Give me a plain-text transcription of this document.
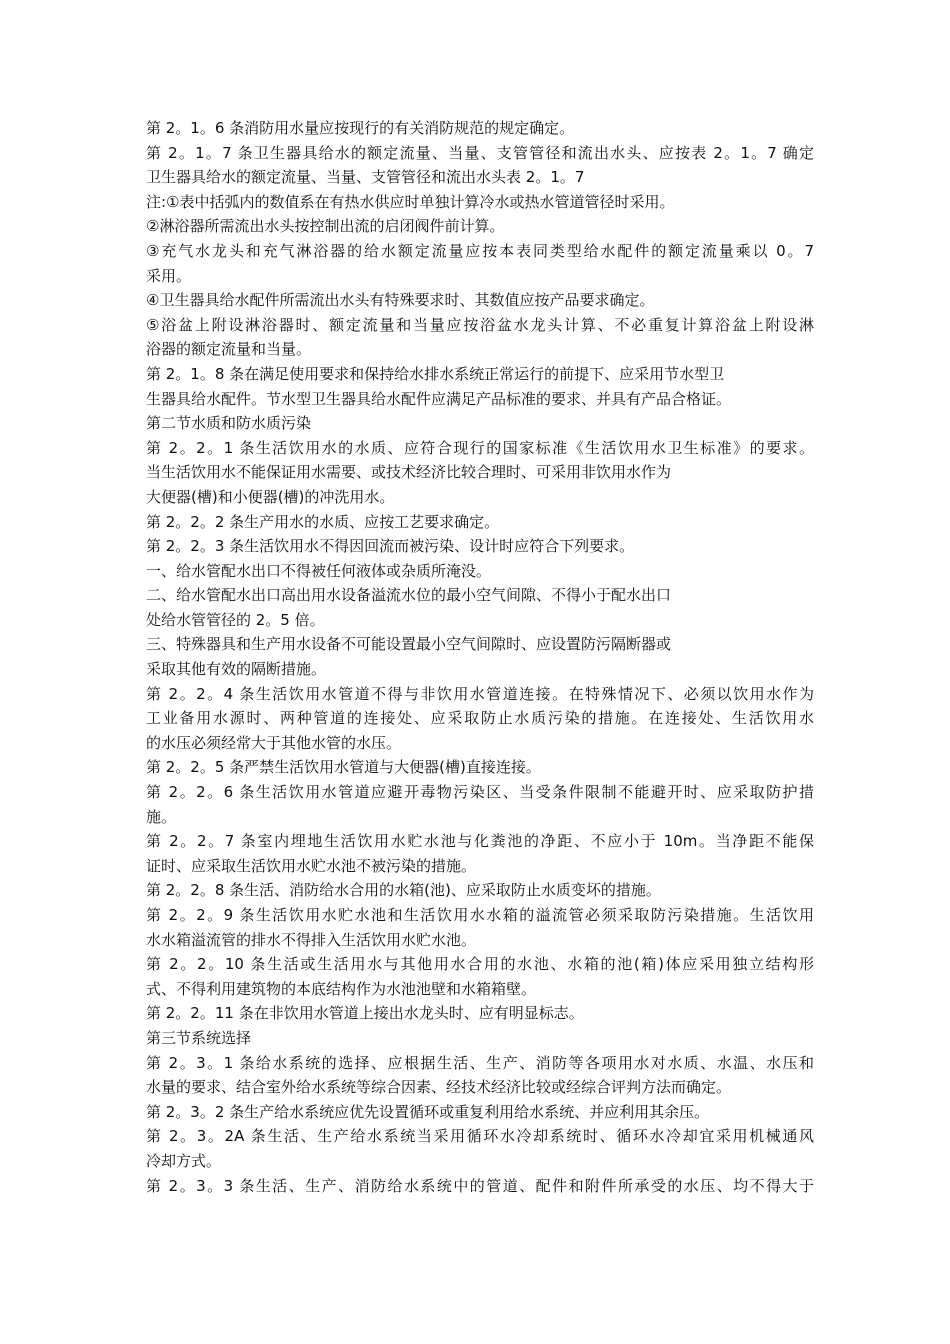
第 2。1。6 条消防用水量应按现行的有关消防规范的规定确定。
第 2。1。7 条卫生器具给水的额定流量、当量、支管管径和流出水头、应按表 2。1。7 确定
卫生器具给水的额定流量、当量、支管管径和流出水头表 2。1。7
注:①表中括弧内的数值系在有热水供应时单独计算冷水或热水管道管径时采用。
②淋浴器所需流出水头按控制出流的启闭阀件前计算。
③充气水龙头和充气淋浴器的给水额定流量应按本表同类型给水配件的额定流量乘以 0。7
采用。
④卫生器具给水配件所需流出水头有特殊要求时、其数值应按产品要求确定。
⑤浴盆上附设淋浴器时、额定流量和当量应按浴盆水龙头计算、不必重复计算浴盆上附设淋
浴器的额定流量和当量。
第 2。1。8 条在满足使用要求和保持给水排水系统正常运行的前提下、应采用节水型卫
生器具给水配件。节水型卫生器具给水配件应满足产品标准的要求、并具有产品合格证。
第二节水质和防水质污染
第 2。2。1 条生活饮用水的水质、应符合现行的国家标准《生活饮用水卫生标准》的要求。
当生活饮用水不能保证用水需要、或技术经济比较合理时、可采用非饮用水作为
大便器(槽)和小便器(槽)的冲洗用水。
第 2。2。2 条生产用水的水质、应按工艺要求确定。
第 2。2。3 条生活饮用水不得因回流而被污染、设计时应符合下列要求。
一、给水管配水出口不得被任何液体或杂质所淹没。
二、给水管配水出口高出用水设备溢流水位的最小空气间隙、不得小于配水出口
处给水管管径的 2。5 倍。
三、特殊器具和生产用水设备不可能设置最小空气间隙时、应设置防污隔断器或
采取其他有效的隔断措施。
第 2。2。4 条生活饮用水管道不得与非饮用水管道连接。在特殊情况下、必须以饮用水作为
工业备用水源时、两种管道的连接处、应采取防止水质污染的措施。在连接处、生活饮用水
的水压必须经常大于其他水管的水压。
第 2。2。5 条严禁生活饮用水管道与大便器(槽)直接连接。
第 2。2。6 条生活饮用水管道应避开毒物污染区、当受条件限制不能避开时、应采取防护措
施。
第 2。2。7 条室内埋地生活饮用水贮水池与化粪池的净距、不应小于 10m。当净距不能保
证时、应采取生活饮用水贮水池不被污染的措施。
第 2。2。8 条生活、消防给水合用的水箱(池)、应采取防止水质变坏的措施。
第 2。2。9 条生活饮用水贮水池和生活饮用水水箱的溢流管必须采取防污染措施。生活饮用
水水箱溢流管的排水不得排入生活饮用水贮水池。
第 2。2。10 条生活或生活用水与其他用水合用的水池、水箱的池(箱)体应采用独立结构形
式、不得利用建筑物的本底结构作为水池池壁和水箱箱壁。
第 2。2。11 条在非饮用水管道上接出水龙头时、应有明显标志。
第三节系统选择
第 2。3。1 条给水系统的选择、应根据生活、生产、消防等各项用水对水质、水温、水压和
水量的要求、结合室外给水系统等综合因素、经技术经济比较或经综合评判方法而确定。
第 2。3。2 条生产给水系统应优先设置循环或重复利用给水系统、并应利用其余压。
第 2。3。2A 条生活、生产给水系统当采用循环水冷却系统时、循环水冷却宜采用机械通风
冷却方式。
第 2。3。3 条生活、生产、消防给水系统中的管道、配件和附件所承受的水压、均不得大于
